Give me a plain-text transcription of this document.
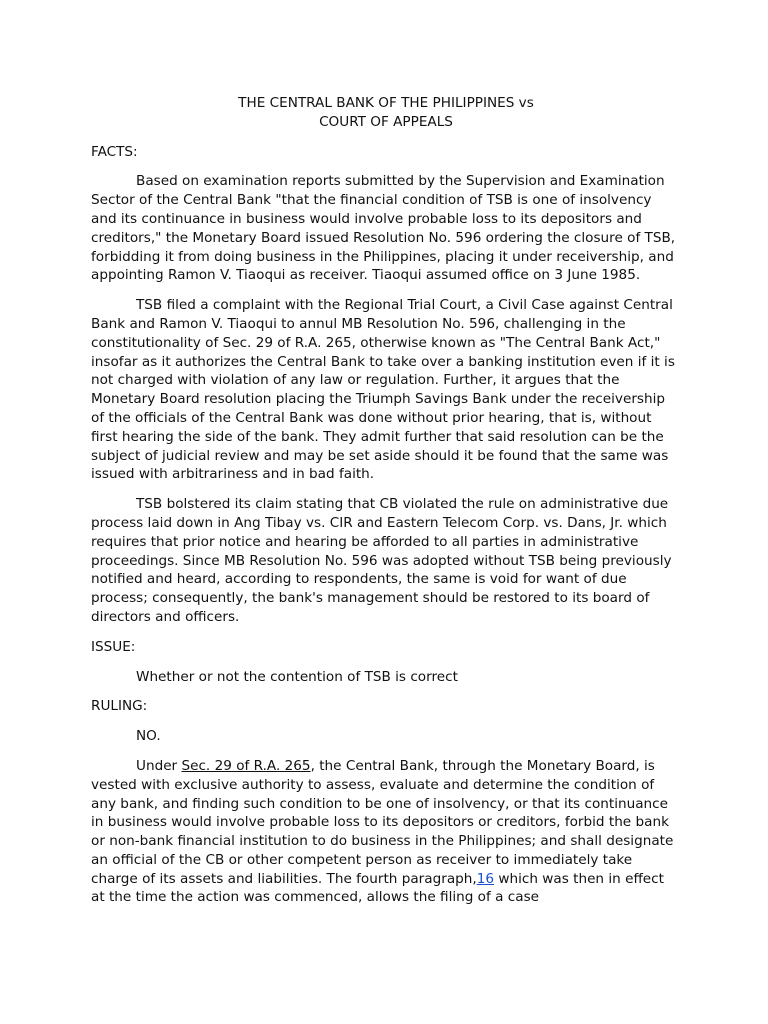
THE CENTRAL BANK OF THE PHILIPPINES vs
COURT OF APPEALS

FACTS:

Based on examination reports submitted by the Supervision and Examination Sector of the Central Bank "that the financial condition of TSB is one of insolvency and its continuance in business would involve probable loss to its depositors and creditors," the Monetary Board issued Resolution No. 596 ordering the closure of TSB, forbidding it from doing business in the Philippines, placing it under receivership, and appointing Ramon V. Tiaoqui as receiver. Tiaoqui assumed office on 3 June 1985.

TSB filed a complaint with the Regional Trial Court, a Civil Case against Central Bank and Ramon V. Tiaoqui to annul MB Resolution No. 596, challenging in the constitutionality of Sec. 29 of R.A. 265, otherwise known as "The Central Bank Act," insofar as it authorizes the Central Bank to take over a banking institution even if it is not charged with violation of any law or regulation. Further, it argues that the Monetary Board resolution placing the Triumph Savings Bank under the receivership of the officials of the Central Bank was done without prior hearing, that is, without first hearing the side of the bank. They admit further that said resolution can be the subject of judicial review and may be set aside should it be found that the same was issued with arbitrariness and in bad faith.

TSB bolstered its claim stating that CB violated the rule on administrative due process laid down in Ang Tibay vs. CIR and Eastern Telecom Corp. vs. Dans, Jr. which requires that prior notice and hearing be afforded to all parties in administrative proceedings. Since MB Resolution No. 596 was adopted without TSB being previously notified and heard, according to respondents, the same is void for want of due process; consequently, the bank's management should be restored to its board of directors and officers.

ISSUE:

Whether or not the contention of TSB is correct

RULING:

NO.

Under Sec. 29 of R.A. 265, the Central Bank, through the Monetary Board, is vested with exclusive authority to assess, evaluate and determine the condition of any bank, and finding such condition to be one of insolvency, or that its continuance in business would involve probable loss to its depositors or creditors, forbid the bank or non-bank financial institution to do business in the Philippines; and shall designate an official of the CB or other competent person as receiver to immediately take charge of its assets and liabilities. The fourth paragraph,16 which was then in effect at the time the action was commenced, allows the filing of a case
